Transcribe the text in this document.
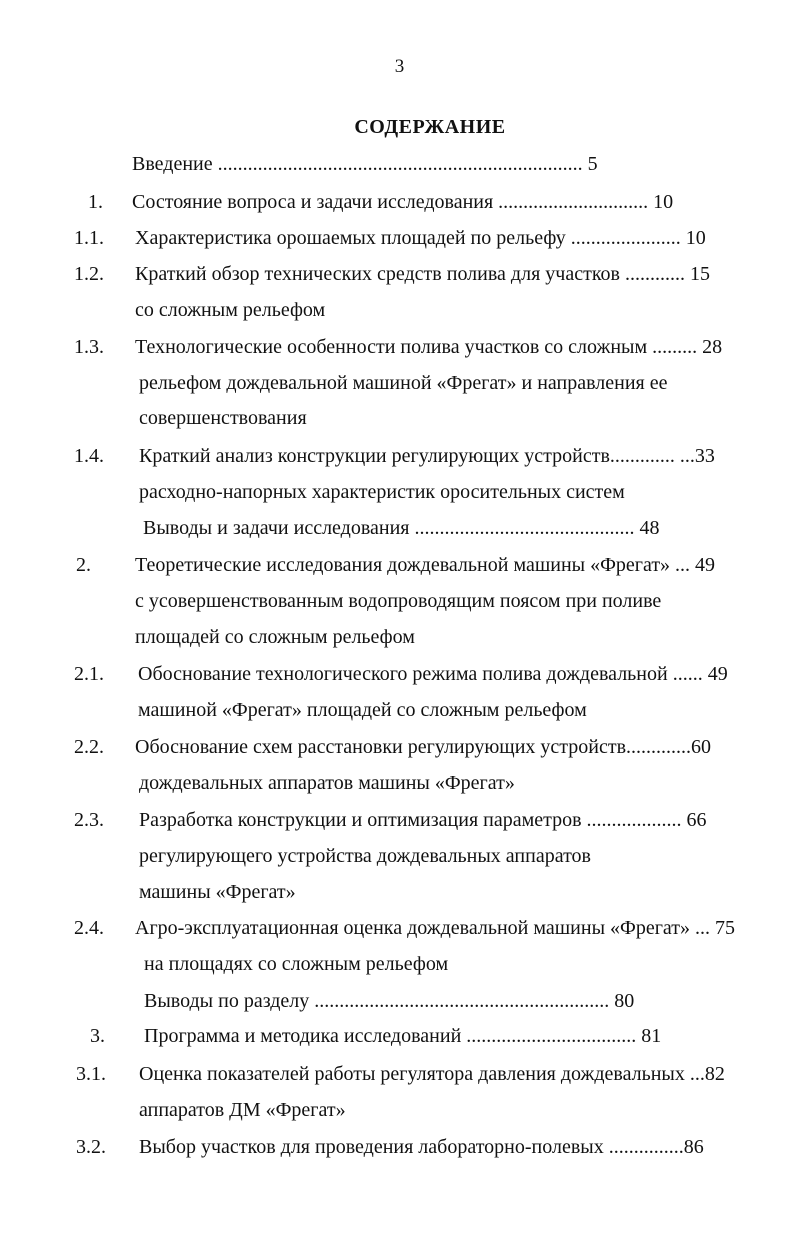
3
СОДЕРЖАНИЕ
Введение ......................................................................... 5
1. Состояние вопроса и задачи исследования .............................. 10
1.1. Характеристика орошаемых площадей по рельефу ...................... 10
1.2. Краткий обзор технических средств полива для участков ............ 15
со сложным рельефом
1.3. Технологические особенности полива участков со сложным ......... 28
рельефом дождевальной машиной «Фрегат» и направления ее
совершенствования
1.4. Краткий анализ конструкции регулирующих устройств............. ...33
расходно-напорных характеристик оросительных систем
Выводы и задачи исследования ............................................ 48
2. Теоретические исследования дождевальной машины «Фрегат» ... 49
с усовершенствованным водопроводящим поясом при поливе
площадей со сложным рельефом
2.1. Обоснование технологического режима полива дождевальной ...... 49
машиной «Фрегат» площадей со сложным рельефом
2.2. Обоснование схем расстановки регулирующих устройств.............60
дождевальных аппаратов машины «Фрегат»
2.3. Разработка конструкции и оптимизация параметров ................... 66
регулирующего устройства дождевальных аппаратов
машины «Фрегат»
2.4. Агро-эксплуатационная оценка дождевальной машины «Фрегат» ... 75
на площадях со сложным рельефом
Выводы по разделу ........................................................... 80
3. Программа и методика исследований .................................. 81
3.1. Оценка показателей работы регулятора давления дождевальных ...82
аппаратов ДМ «Фрегат»
3.2. Выбор участков для проведения лабораторно-полевых ...............86
